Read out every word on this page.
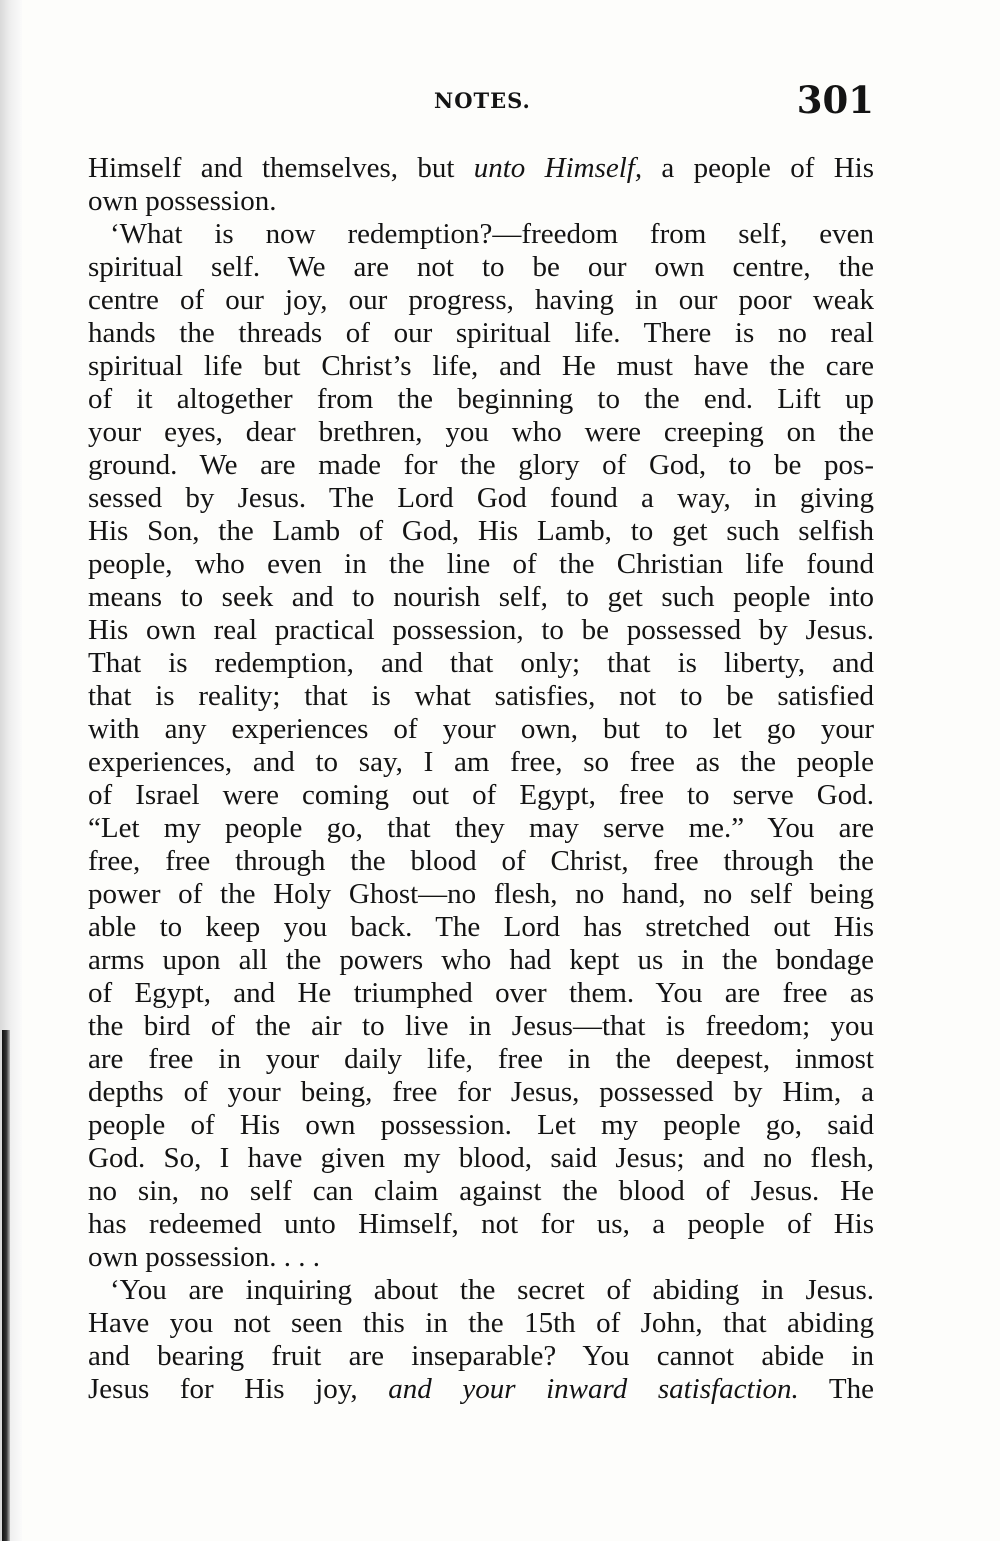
NOTES.	301
Himself and themselves, but unto Himself, a people of His
own possession.
‘What is now redemption?—freedom from self, even
spiritual self. We are not to be our own centre, the
centre of our joy, our progress, having in our poor weak
hands the threads of our spiritual life. There is no real
spiritual life but Christ’s life, and He must have the care
of it altogether from the beginning to the end. Lift up
your eyes, dear brethren, you who were creeping on the
ground. We are made for the glory of God, to be pos-
sessed by Jesus. The Lord God found a way, in giving
His Son, the Lamb of God, His Lamb, to get such selfish
people, who even in the line of the Christian life found
means to seek and to nourish self, to get such people into
His own real practical possession, to be possessed by Jesus.
That is redemption, and that only; that is liberty, and
that is reality; that is what satisfies, not to be satisfied
with any experiences of your own, but to let go your
experiences, and to say, I am free, so free as the people
of Israel were coming out of Egypt, free to serve God.
“Let my people go, that they may serve me.” You are
free, free through the blood of Christ, free through the
power of the Holy Ghost—no flesh, no hand, no self being
able to keep you back. The Lord has stretched out His
arms upon all the powers who had kept us in the bondage
of Egypt, and He triumphed over them. You are free as
the bird of the air to live in Jesus—that is freedom; you
are free in your daily life, free in the deepest, inmost
depths of your being, free for Jesus, possessed by Him, a
people of His own possession. Let my people go, said
God. So, I have given my blood, said Jesus; and no flesh,
no sin, no self can claim against the blood of Jesus. He
has redeemed unto Himself, not for us, a people of His
own possession. . . .
‘You are inquiring about the secret of abiding in Jesus.
Have you not seen this in the 15th of John, that abiding
and bearing fruit are inseparable? You cannot abide in
Jesus for His joy, and your inward satisfaction. The
